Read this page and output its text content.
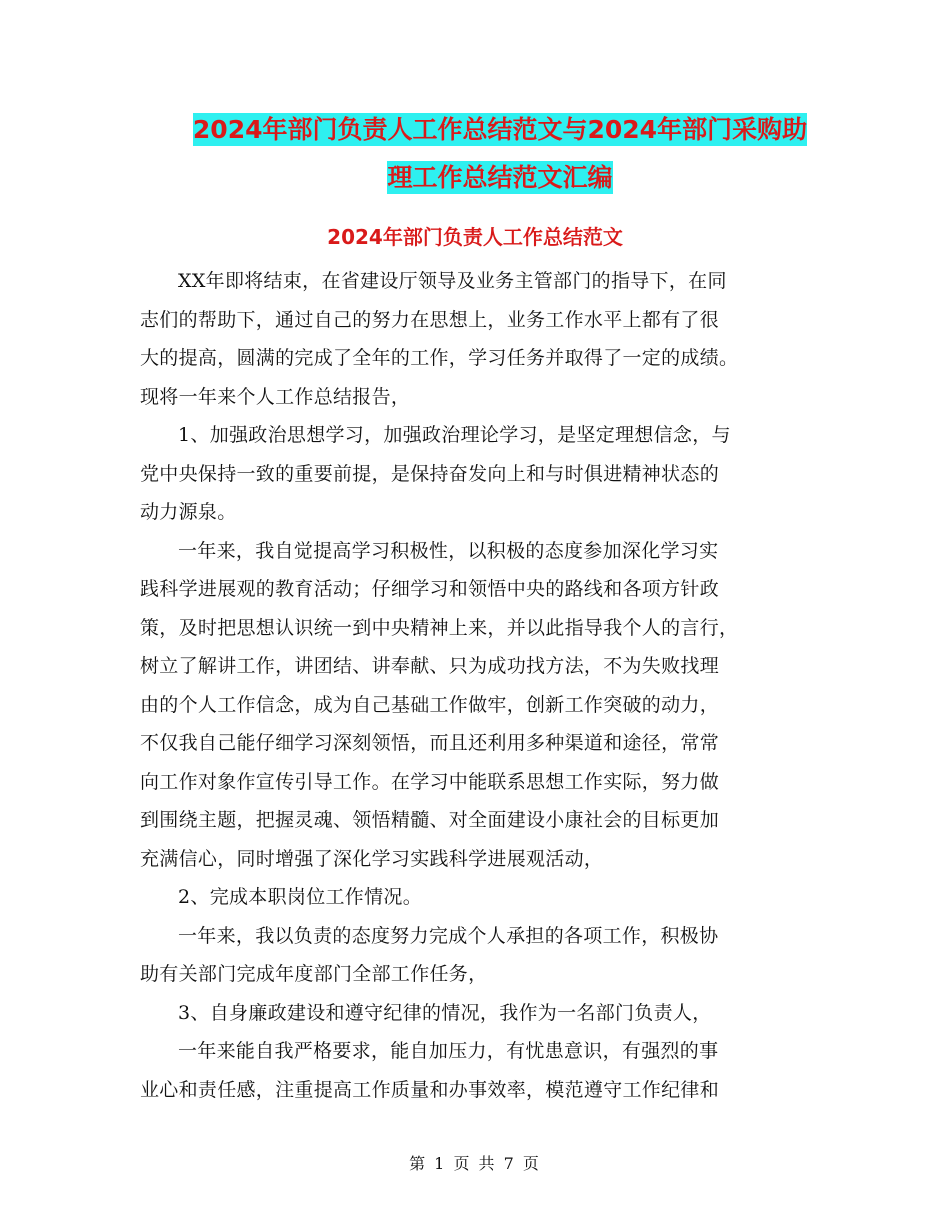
2024年部门负责人工作总结范文与2024年部门采购助
理工作总结范文汇编
2024年部门负责人工作总结范文

XX年即将结束，在省建设厅领导及业务主管部门的指导下，在同
志们的帮助下，通过自己的努力在思想上，业务工作水平上都有了很
大的提高，圆满的完成了全年的工作，学习任务并取得了一定的成绩。
现将一年来个人工作总结报告，

1、加强政治思想学习，加强政治理论学习，是坚定理想信念，与
党中央保持一致的重要前提，是保持奋发向上和与时俱进精神状态的
动力源泉。

一年来，我自觉提高学习积极性，以积极的态度参加深化学习实
践科学进展观的教育活动；仔细学习和领悟中央的路线和各项方针政
策，及时把思想认识统一到中央精神上来，并以此指导我个人的言行，
树立了解讲工作，讲团结、讲奉献、只为成功找方法，不为失败找理
由的个人工作信念，成为自己基础工作做牢，创新工作突破的动力，
不仅我自己能仔细学习深刻领悟，而且还利用多种渠道和途径，常常
向工作对象作宣传引导工作。在学习中能联系思想工作实际，努力做
到围绕主题，把握灵魂、领悟精髓、对全面建设小康社会的目标更加
充满信心，同时增强了深化学习实践科学进展观活动，

2、完成本职岗位工作情况。

一年来，我以负责的态度努力完成个人承担的各项工作，积极协
助有关部门完成年度部门全部工作任务，

3、自身廉政建设和遵守纪律的情况，我作为一名部门负责人，

一年来能自我严格要求，能自加压力，有忧患意识，有强烈的事
业心和责任感，注重提高工作质量和办事效率，模范遵守工作纪律和

第 1 页 共 7 页
